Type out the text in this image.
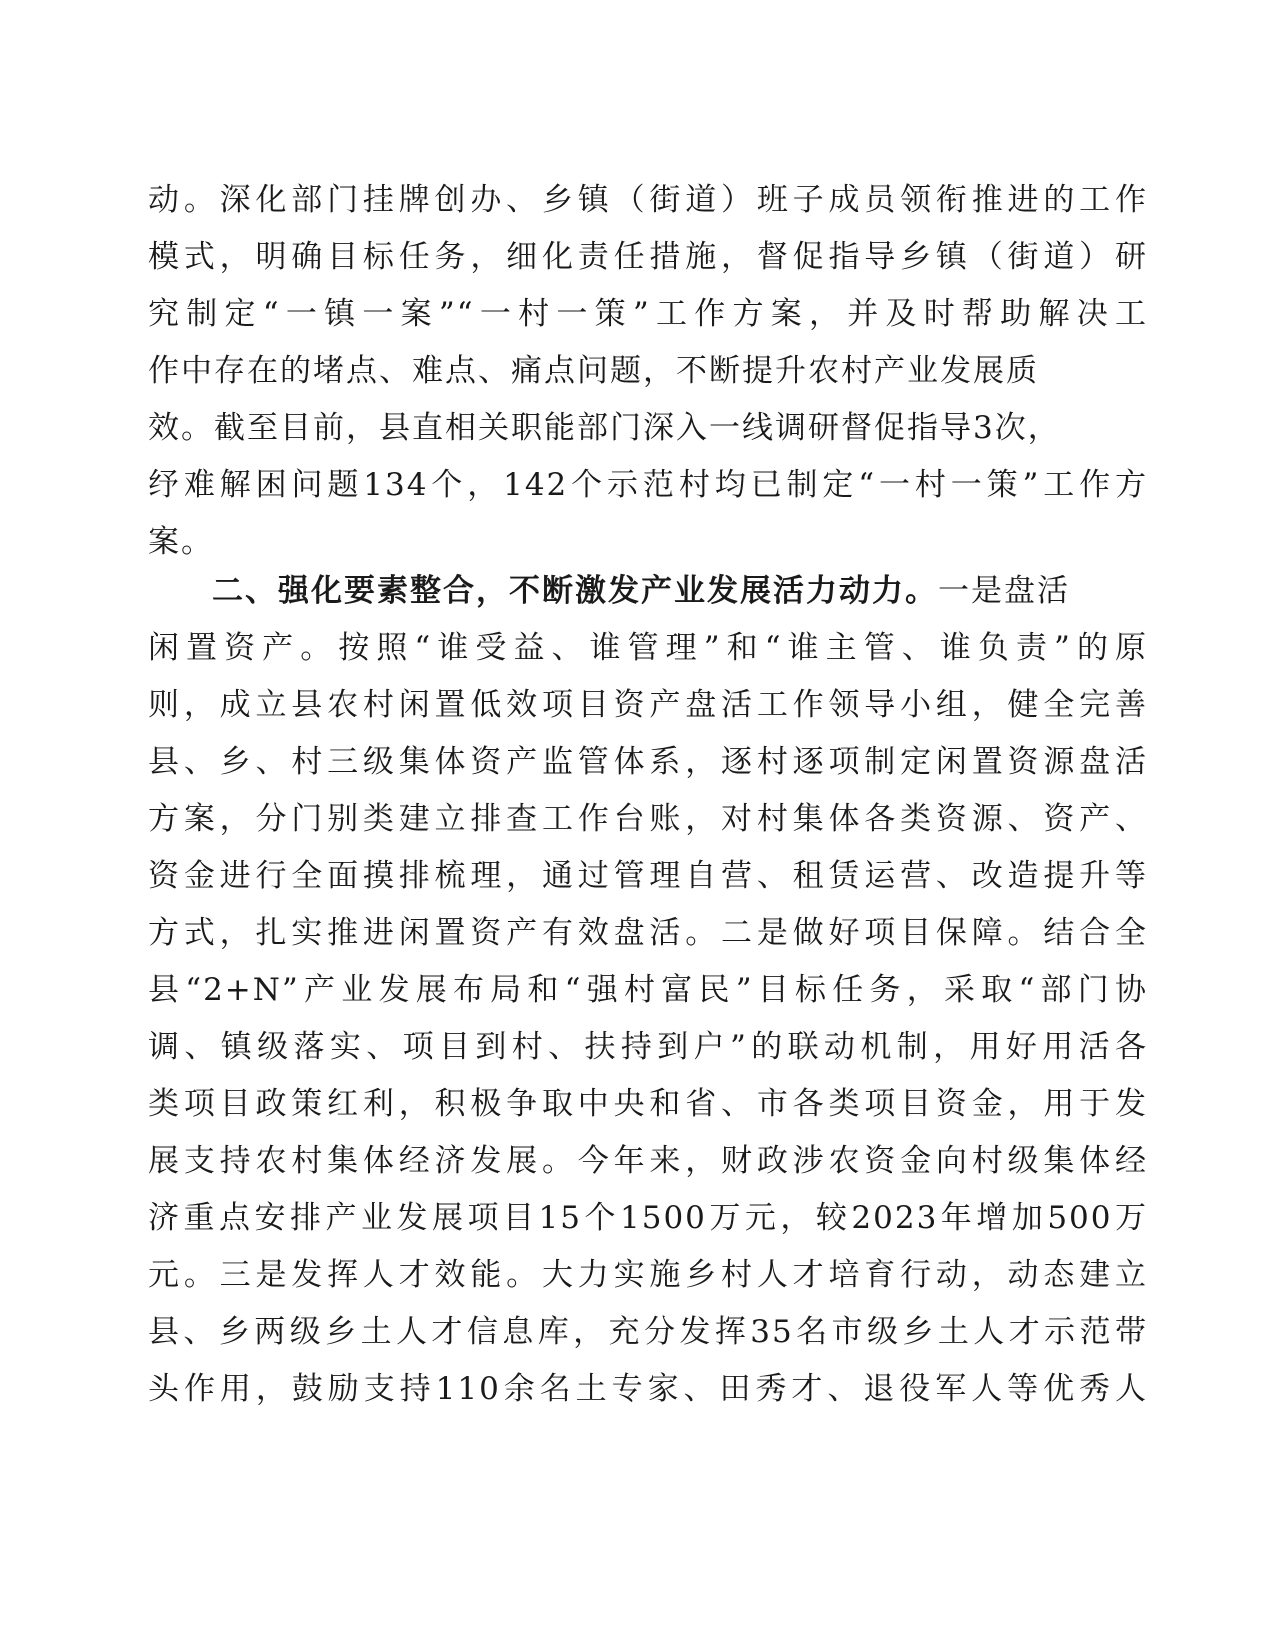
动。深化部门挂牌创办、乡镇（街道）班子成员领衔推进的工作
模式，明确目标任务，细化责任措施，督促指导乡镇（街道）研
究制定“一镇一案”“一村一策”工作方案，并及时帮助解决工
作中存在的堵点、难点、痛点问题，不断提升农村产业发展质
效。截至目前，县直相关职能部门深入一线调研督促指导3次，
纾难解困问题134个，142个示范村均已制定“一村一策”工作方
案。
二、强化要素整合，不断激发产业发展活力动力。一是盘活
闲置资产。按照“谁受益、谁管理”和“谁主管、谁负责”的原
则，成立县农村闲置低效项目资产盘活工作领导小组，健全完善
县、乡、村三级集体资产监管体系，逐村逐项制定闲置资源盘活
方案，分门别类建立排查工作台账，对村集体各类资源、资产、
资金进行全面摸排梳理，通过管理自营、租赁运营、改造提升等
方式，扎实推进闲置资产有效盘活。二是做好项目保障。结合全
县“2+N”产业发展布局和“强村富民”目标任务，采取“部门协
调、镇级落实、项目到村、扶持到户”的联动机制，用好用活各
类项目政策红利，积极争取中央和省、市各类项目资金，用于发
展支持农村集体经济发展。今年来，财政涉农资金向村级集体经
济重点安排产业发展项目15个1500万元，较2023年增加500万
元。三是发挥人才效能。大力实施乡村人才培育行动，动态建立
县、乡两级乡土人才信息库，充分发挥35名市级乡土人才示范带
头作用，鼓励支持110余名土专家、田秀才、退役军人等优秀人
